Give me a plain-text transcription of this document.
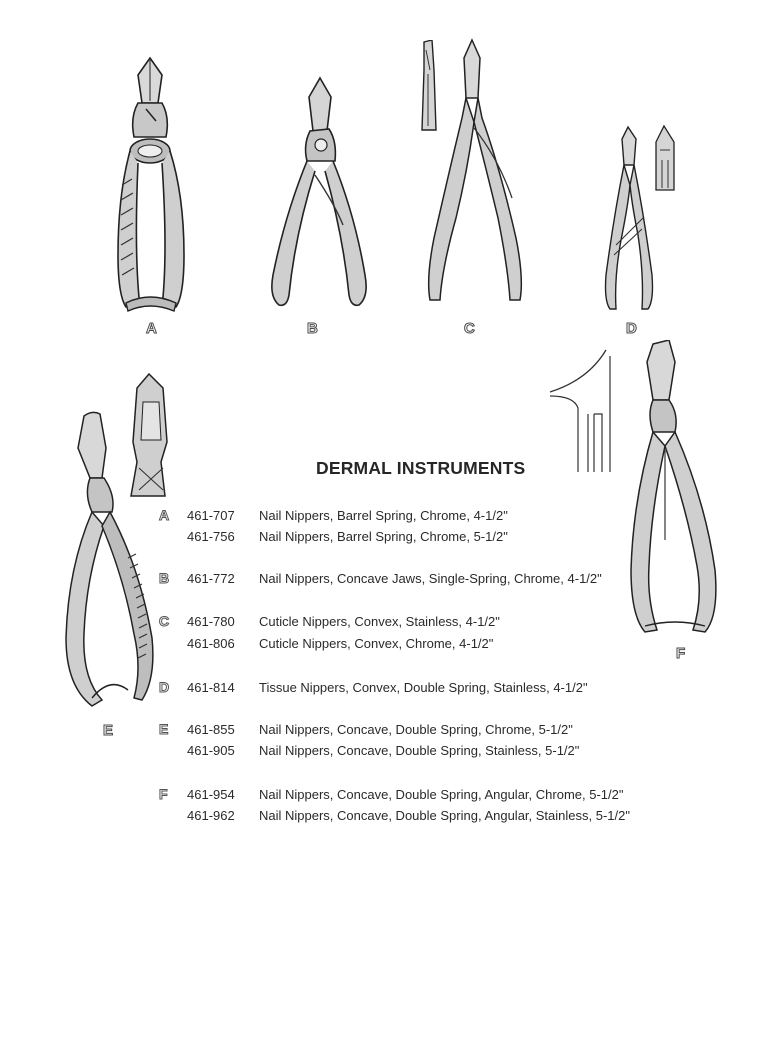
A	B	C	D
E
F
DERMAL INSTRUMENTS
A 461-707 Nail Nippers, Barrel Spring, Chrome, 4-1/2"
461-756 Nail Nippers, Barrel Spring, Chrome, 5-1/2"
B 461-772 Nail Nippers, Concave Jaws, Single-Spring, Chrome, 4-1/2"
C 461-780 Cuticle Nippers, Convex, Stainless, 4-1/2"
461-806 Cuticle Nippers, Convex, Chrome, 4-1/2"
D 461-814 Tissue Nippers, Convex, Double Spring, Stainless, 4-1/2"
E 461-855 Nail Nippers, Concave, Double Spring, Chrome, 5-1/2"
461-905 Nail Nippers, Concave, Double Spring, Stainless, 5-1/2"
F 461-954 Nail Nippers, Concave, Double Spring, Angular, Chrome, 5-1/2"
461-962 Nail Nippers, Concave, Double Spring, Angular, Stainless, 5-1/2"
